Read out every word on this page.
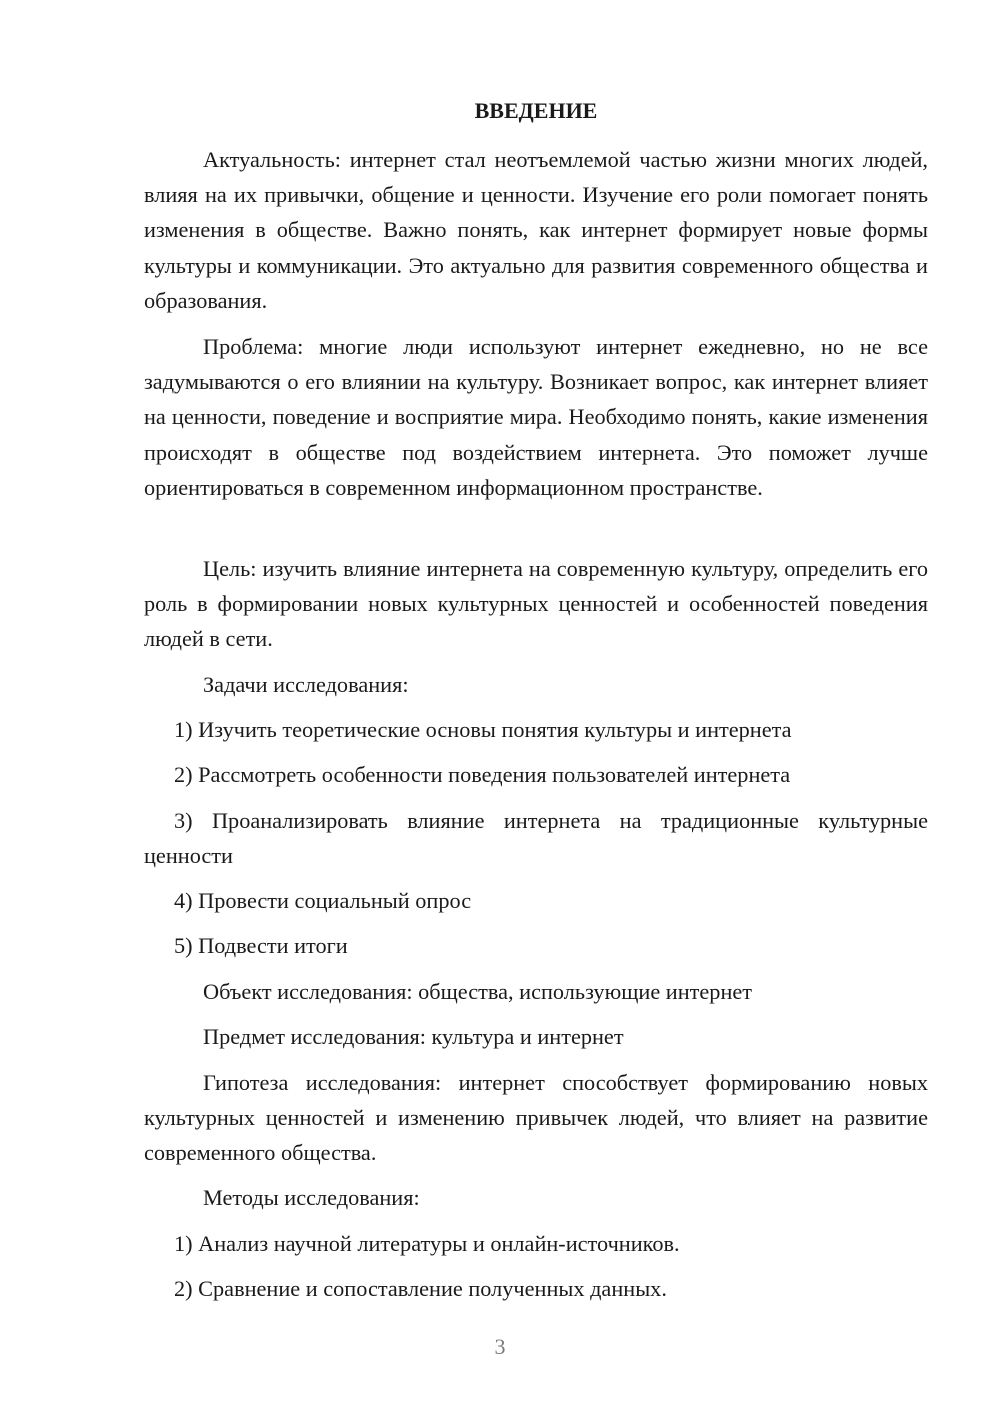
ВВЕДЕНИЕ

Актуальность: интернет стал неотъемлемой частью жизни многих людей, влияя на их привычки, общение и ценности. Изучение его роли помогает понять изменения в обществе. Важно понять, как интернет формирует новые формы культуры и коммуникации. Это актуально для развития современного общества и образования.

Проблема: многие люди используют интернет ежедневно, но не все задумываются о его влиянии на культуру. Возникает вопрос, как интернет влияет на ценности, поведение и восприятие мира. Необходимо понять, какие изменения происходят в обществе под воздействием интернета. Это поможет лучше ориентироваться в современном информационном пространстве.

Цель: изучить влияние интернета на современную культуру, определить его роль в формировании новых культурных ценностей и особенностей поведения людей в сети.

Задачи исследования:

1) Изучить теоретические основы понятия культуры и интернета

2) Рассмотреть особенности поведения пользователей интернета

3) Проанализировать влияние интернета на традиционные культурные ценности

4) Провести социальный опрос

5) Подвести итоги

Объект исследования: общества, использующие интернет

Предмет исследования: культура и интернет

Гипотеза исследования: интернет способствует формированию новых культурных ценностей и изменению привычек людей, что влияет на развитие современного общества.

Методы исследования:

1) Анализ научной литературы и онлайн-источников.

2) Сравнение и сопоставление полученных данных.

3
